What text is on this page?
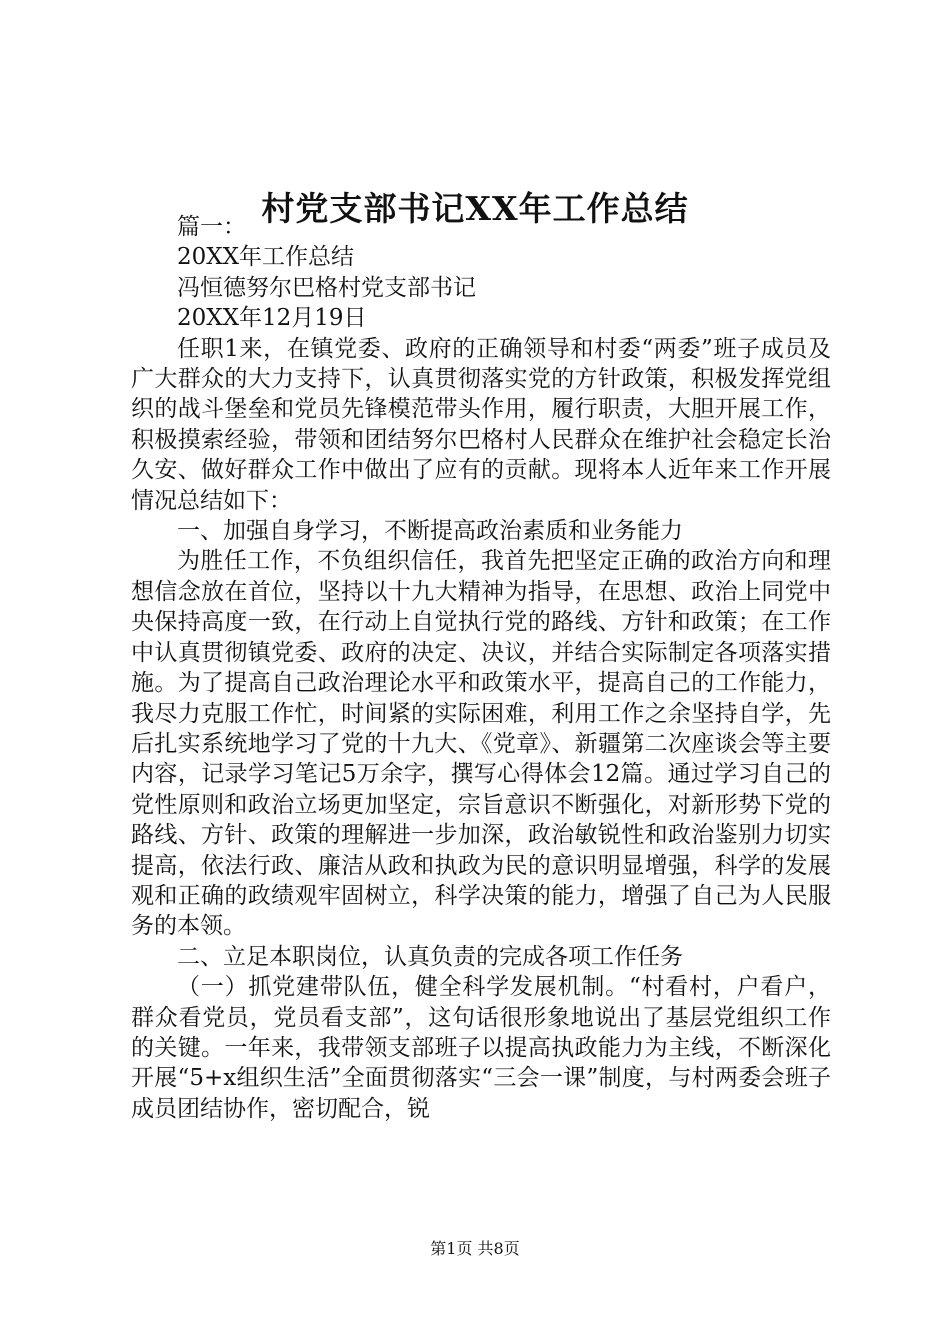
村党支部书记XX年工作总结

篇一：

20XX年工作总结

冯恒德努尔巴格村党支部书记

20XX年12月19日

任职1来，在镇党委、政府的正确领导和村委“两委”班子成员及广大群众的大力支持下，认真贯彻落实党的方针政策，积极发挥党组织的战斗堡垒和党员先锋模范带头作用，履行职责，大胆开展工作，积极摸索经验，带领和团结努尔巴格村人民群众在维护社会稳定长治久安、做好群众工作中做出了应有的贡献。现将本人近年来工作开展情况总结如下：

一、加强自身学习，不断提高政治素质和业务能力

为胜任工作，不负组织信任，我首先把坚定正确的政治方向和理想信念放在首位，坚持以十九大精神为指导，在思想、政治上同党中央保持高度一致，在行动上自觉执行党的路线、方针和政策；在工作中认真贯彻镇党委、政府的决定、决议，并结合实际制定各项落实措施。为了提高自己政治理论水平和政策水平，提高自己的工作能力，我尽力克服工作忙，时间紧的实际困难，利用工作之余坚持自学，先后扎实系统地学习了党的十九大、《党章》、新疆第二次座谈会等主要内容，记录学习笔记5万余字，撰写心得体会12篇。通过学习自己的党性原则和政治立场更加坚定，宗旨意识不断强化，对新形势下党的路线、方针、政策的理解进一步加深，政治敏锐性和政治鉴别力切实提高，依法行政、廉洁从政和执政为民的意识明显增强，科学的发展观和正确的政绩观牢固树立，科学决策的能力，增强了自己为人民服务的本领。

二、立足本职岗位，认真负责的完成各项工作任务

（一）抓党建带队伍，健全科学发展机制。“村看村，户看户，群众看党员，党员看支部”，这句话很形象地说出了基层党组织工作的关键。一年来，我带领支部班子以提高执政能力为主线，不断深化开展“5+x组织生活”全面贯彻落实“三会一课”制度，与村两委会班子成员团结协作，密切配合，锐

第1页 共8页
